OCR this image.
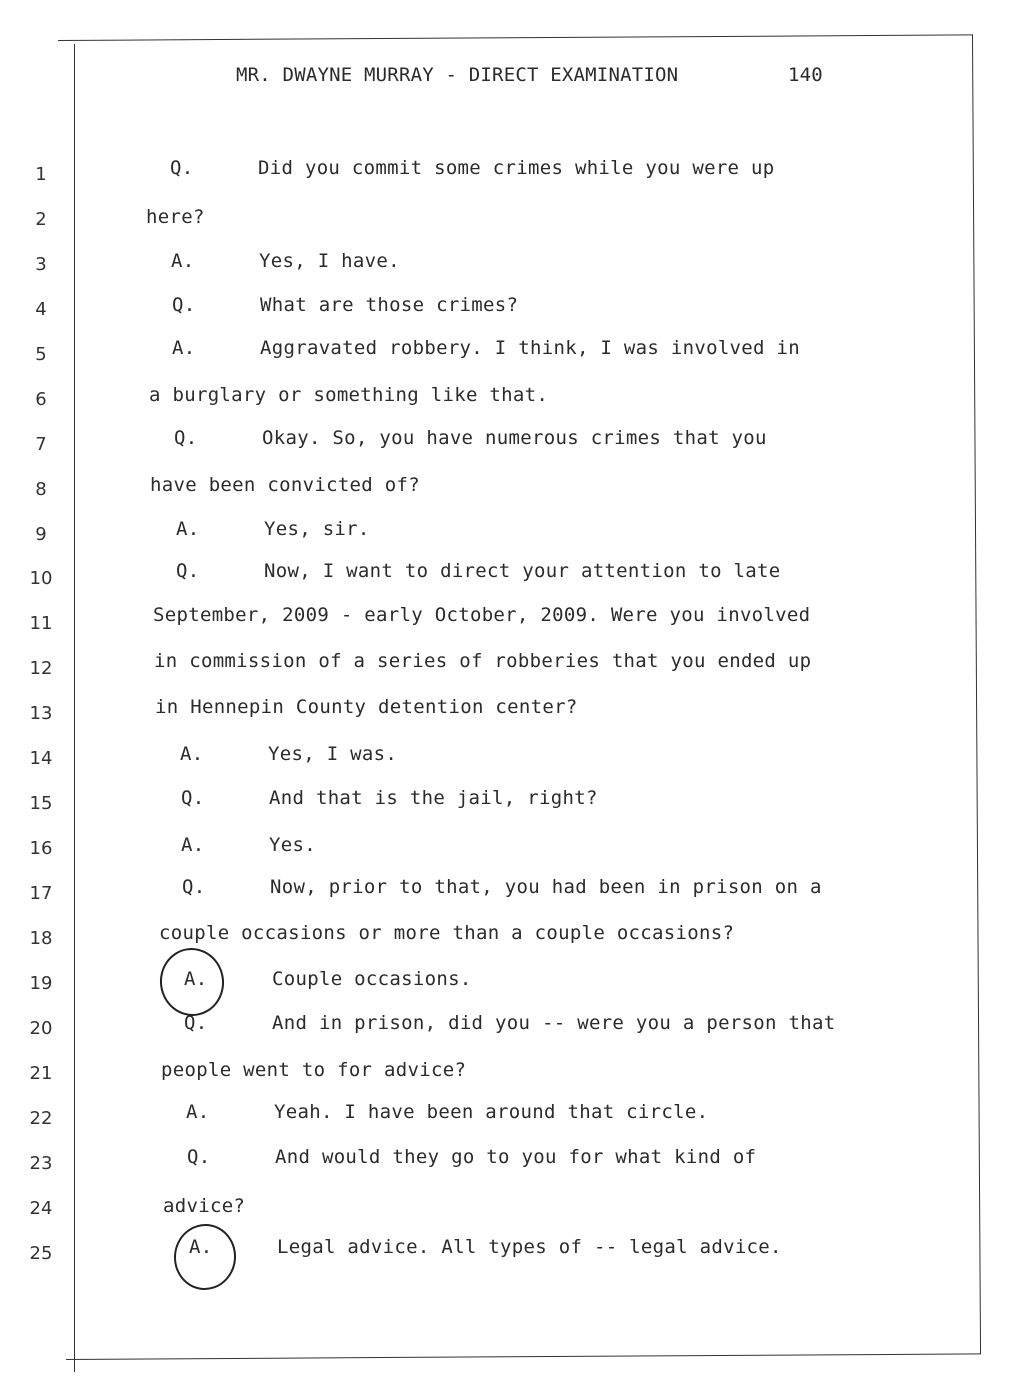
MR. DWAYNE MURRAY - DIRECT EXAMINATION	140
1
2
3
4
5
6
7
8
9
10
11
12
13
14
15
16
17
18
19
20
21
22
23
24
25
Q.	Did you commit some crimes while you were up
here?
A.	Yes, I have.
Q.	What are those crimes?
A.	Aggravated robbery. I think, I was involved in
a burglary or something like that.
Q.	Okay. So, you have numerous crimes that you
have been convicted of?
A.	Yes, sir.
Q.	Now, I want to direct your attention to late
September, 2009 - early October, 2009. Were you involved
in commission of a series of robberies that you ended up
in Hennepin County detention center?
A.	Yes, I was.
Q.	And that is the jail, right?
A.	Yes.
Q.	Now, prior to that, you had been in prison on a
couple occasions or more than a couple occasions?
A.	Couple occasions.
Q.	And in prison, did you -- were you a person that
people went to for advice?
A.	Yeah. I have been around that circle.
Q.	And would they go to you for what kind of
advice?
A.	Legal advice. All types of -- legal advice.
